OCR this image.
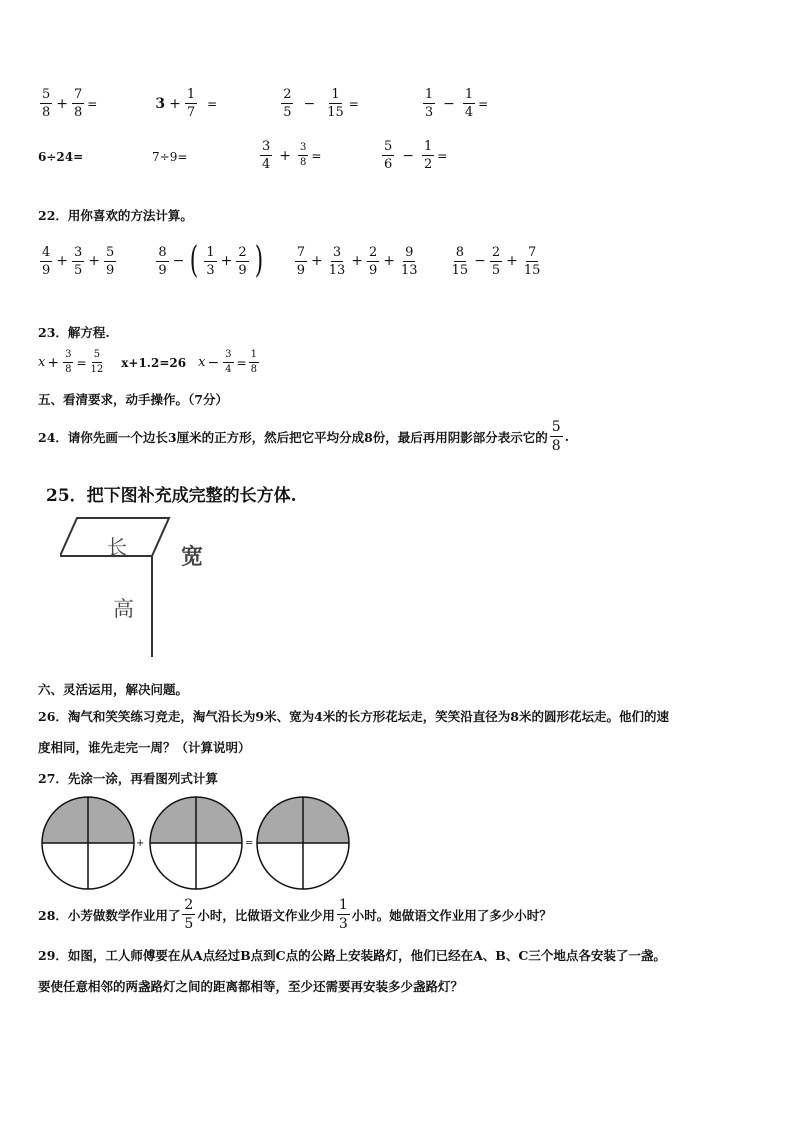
$\frac{5}{8} + \frac{7}{8}$ =	$3 + \frac{1}{7}$ =	$\frac{2}{5} - \frac{1}{15}$ =	$\frac{1}{3} - \frac{1}{4}$ =
6÷24=	7÷9=	$\frac{3}{4} + \frac{3}{8}$ =	$\frac{5}{6} - \frac{1}{2}$ =
22．用你喜欢的方法计算。
$\frac{4}{9} + \frac{3}{5} + \frac{5}{9}$	$\frac{8}{9}$ − ( $\frac{1}{3} + \frac{2}{9}$ ) $\frac{7}{9} + \frac{3}{13} + \frac{2}{9} + \frac{9}{13} \frac{8}{15} - \frac{2}{5} + \frac{7}{15}$
23．解方程.
$x + \frac{3}{8} = \frac{5}{12} x+1.2=26$ $x - \frac{3}{4} = \frac{1}{8}$
五、看清要求，动手操作。（7分）
24．请你先画一个边长3厘米的正方形，然后把它平均分成8份，最后再用阴影部分表示它的 $\frac{5}{8}$ .
25．把下图补充成完整的长方体.
长 宽
高
六、灵活运用，解决问题。
26．淘气和笑笑练习竞走，淘气沿长为9米、宽为4米的长方形花坛走，笑笑沿直径为8米的圆形花坛走。他们的速
度相同，谁先走完一周？（计算说明）
27．先涂一涂，再看图列式计算
+	=
28．小芳做数学作业用了 $\frac{2}{5}$ 小时，比做语文作业少用 $\frac{1}{3}$ 小时。她做语文作业用了多少小时？
29．如图，工人师傅要在从A点经过B点到C点的公路上安装路灯，他们已经在A、B、C三个地点各安装了一盏。
要使任意相邻的两盏路灯之间的距离都相等，至少还需要再安装多少盏路灯？
